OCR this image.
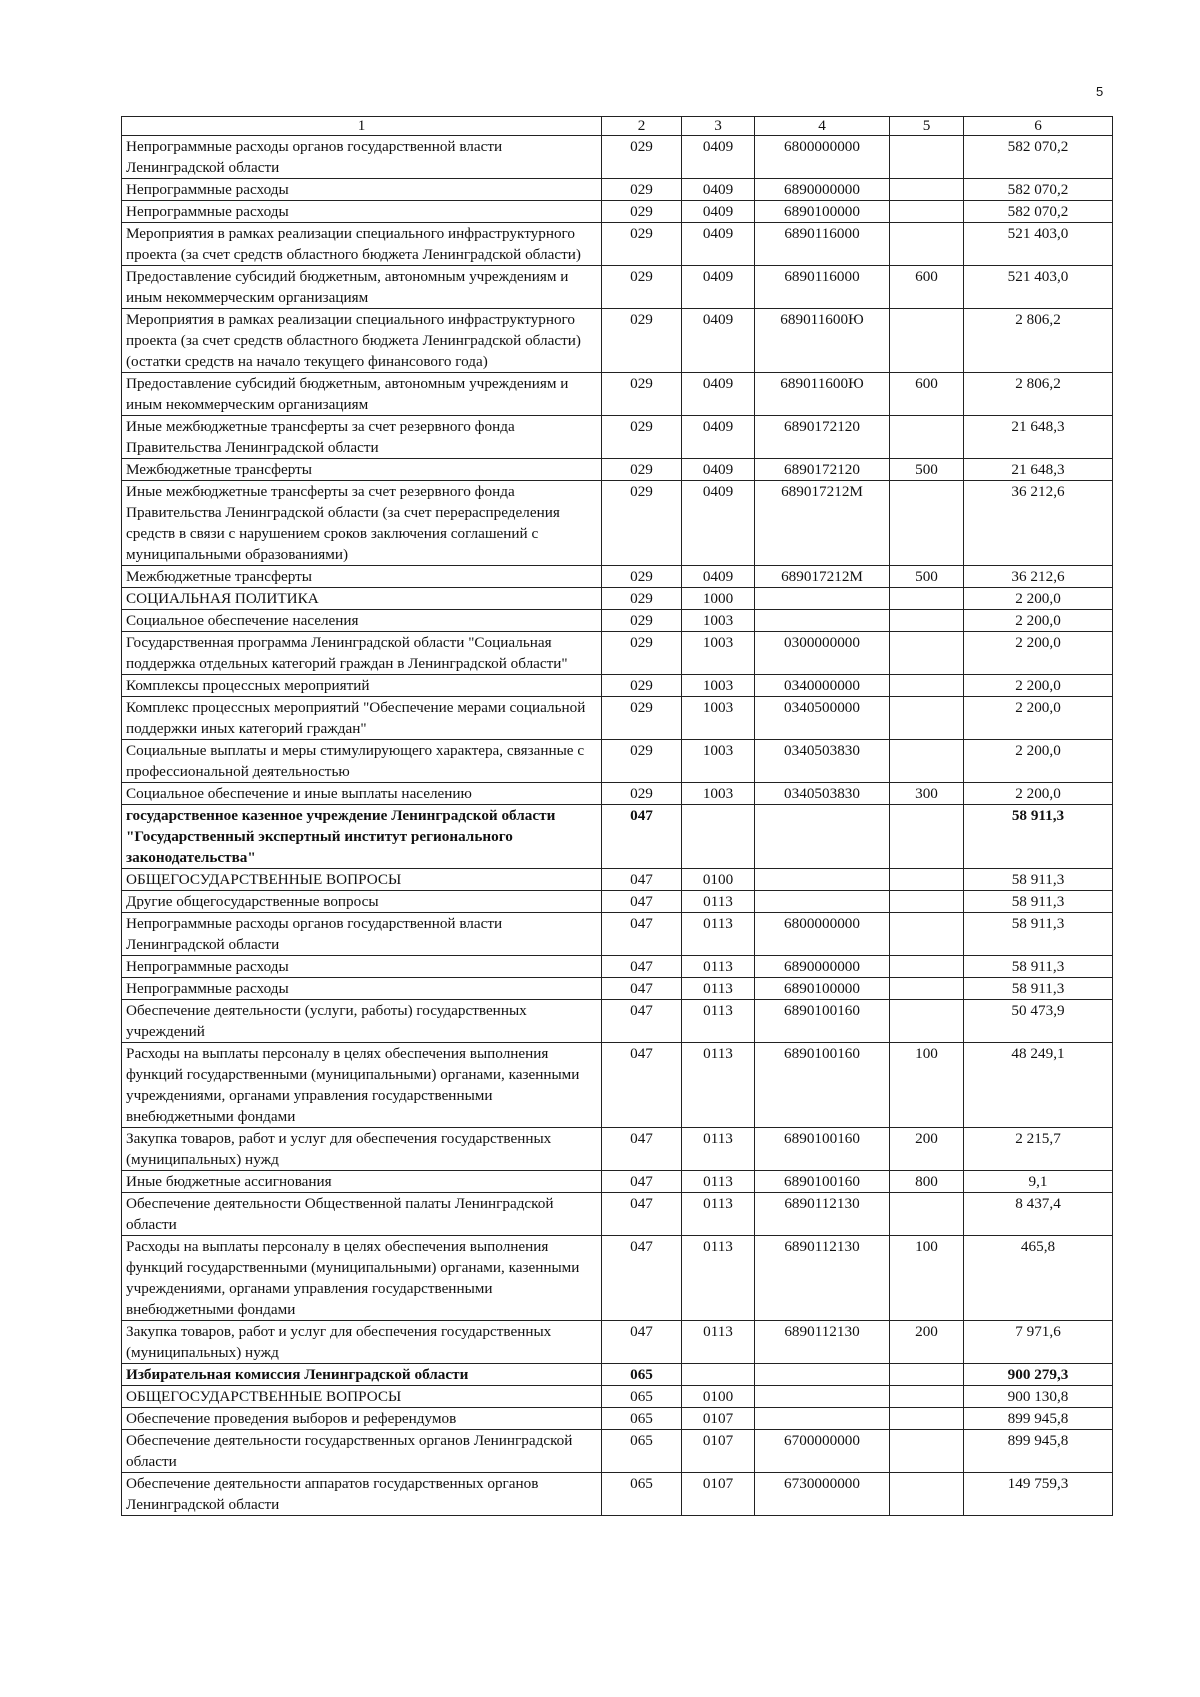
5
1	2	3	4	5	6
Непрограммные расходы органов государственной власти Ленинградской области	029	0409	6800000000		582 070,2
Непрограммные расходы	029	0409	6890000000		582 070,2
Непрограммные расходы	029	0409	6890100000		582 070,2
Мероприятия в рамках реализации специального инфраструктурного проекта (за счет средств областного бюджета Ленинградской области)	029	0409	6890116000		521 403,0
Предоставление субсидий бюджетным, автономным учреждениям и иным некоммерческим организациям	029	0409	6890116000	600	521 403,0
Мероприятия в рамках реализации специального инфраструктурного проекта (за счет средств областного бюджета Ленинградской области) (остатки средств на начало текущего финансового года)	029	0409	689011600Ю		2 806,2
Предоставление субсидий бюджетным, автономным учреждениям и иным некоммерческим организациям	029	0409	689011600Ю	600	2 806,2
Иные межбюджетные трансферты за счет резервного фонда Правительства Ленинградской области	029	0409	6890172120		21 648,3
Межбюджетные трансферты	029	0409	6890172120	500	21 648,3
Иные межбюджетные трансферты за счет резервного фонда Правительства Ленинградской области (за счет перераспределения средств в связи с нарушением сроков заключения соглашений с муниципальными образованиями)	029	0409	689017212М		36 212,6
Межбюджетные трансферты	029	0409	689017212М	500	36 212,6
СОЦИАЛЬНАЯ ПОЛИТИКА	029	1000			2 200,0
Социальное обеспечение населения	029	1003			2 200,0
Государственная программа Ленинградской области "Социальная поддержка отдельных категорий граждан в Ленинградской области"	029	1003	0300000000		2 200,0
Комплексы процессных мероприятий	029	1003	0340000000		2 200,0
Комплекс процессных мероприятий "Обеспечение мерами социальной поддержки иных категорий граждан"	029	1003	0340500000		2 200,0
Социальные выплаты и меры стимулирующего характера, связанные с профессиональной деятельностью	029	1003	0340503830		2 200,0
Социальное обеспечение и иные выплаты населению	029	1003	0340503830	300	2 200,0
государственное казенное учреждение Ленинградской области "Государственный экспертный институт регионального законодательства"	047				58 911,3
ОБЩЕГОСУДАРСТВЕННЫЕ ВОПРОСЫ	047	0100			58 911,3
Другие общегосударственные вопросы	047	0113			58 911,3
Непрограммные расходы органов государственной власти Ленинградской области	047	0113	6800000000		58 911,3
Непрограммные расходы	047	0113	6890000000		58 911,3
Непрограммные расходы	047	0113	6890100000		58 911,3
Обеспечение деятельности (услуги, работы) государственных учреждений	047	0113	6890100160		50 473,9
Расходы на выплаты персоналу в целях обеспечения выполнения функций государственными (муниципальными) органами, казенными учреждениями, органами управления государственными внебюджетными фондами	047	0113	6890100160	100	48 249,1
Закупка товаров, работ и услуг для обеспечения государственных (муниципальных) нужд	047	0113	6890100160	200	2 215,7
Иные бюджетные ассигнования	047	0113	6890100160	800	9,1
Обеспечение деятельности Общественной палаты Ленинградской области	047	0113	6890112130		8 437,4
Расходы на выплаты персоналу в целях обеспечения выполнения функций государственными (муниципальными) органами, казенными учреждениями, органами управления государственными внебюджетными фондами	047	0113	6890112130	100	465,8
Закупка товаров, работ и услуг для обеспечения государственных (муниципальных) нужд	047	0113	6890112130	200	7 971,6
Избирательная комиссия Ленинградской области	065				900 279,3
ОБЩЕГОСУДАРСТВЕННЫЕ ВОПРОСЫ	065	0100			900 130,8
Обеспечение проведения выборов и референдумов	065	0107			899 945,8
Обеспечение деятельности государственных органов Ленинградской области	065	0107	6700000000		899 945,8
Обеспечение деятельности аппаратов государственных органов Ленинградской области	065	0107	6730000000		149 759,3
